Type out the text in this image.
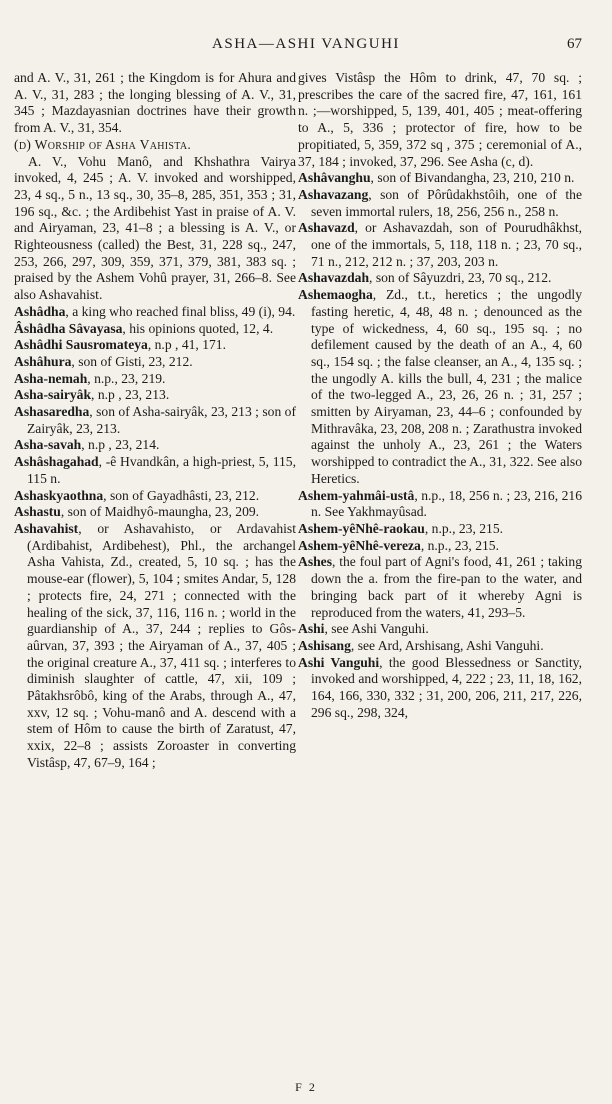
ASHA—ASHI VANGUHI	67

and A. V., 31, 261 ; the Kingdom is for Ahura and A. V., 31, 283 ; the longing blessing of A. V., 31, 345 ; Mazdayasnian doctrines have their growth from A. V., 31, 354.

(d) Worship of Asha Vahista.

A. V., Vohu Manô, and Khshathra Vairya invoked, 4, 245 ; A. V. invoked and worshipped, 23, 4 sq., 5 n., 13 sq., 30, 35–8, 285, 351, 353 ; 31, 196 sq., &c. ; the Ardibehist Yast in praise of A. V. and Airyaman, 23, 41–8 ; a blessing is A. V., or Righteousness (called) the Best, 31, 228 sq., 247, 253, 266, 297, 309, 359, 371, 379, 381, 383 sq. ; praised by the Ashem Vohû prayer, 31, 266–8. See also Ashavahist.

Ashâdha, a king who reached final bliss, 49 (i), 94.

Âshâdha Sâvayasa, his opinions quoted, 12, 4.

Ashâdhi Sausromateya, n.p , 41, 171.

Ashâhura, son of Gisti, 23, 212.

Asha-nemah, n.p., 23, 219.

Asha-sairyâk, n.p , 23, 213.

Ashasaredha, son of Asha-sairyâk, 23, 213 ; son of Zairyâk, 23, 213.

Asha-savah, n.p , 23, 214.

Ashâshagahad, -ê Hvandkân, a high-priest, 5, 115, 115 n.

Ashaskyaothna, son of Gayadhâsti, 23, 212.

Ashastu, son of Maidhyô-maungha, 23, 209.

Ashavahist, or Ashavahisto, or Ardavahist (Ardibahist, Ardibehest), Phl., the archangel Asha Vahista, Zd., created, 5, 10 sq. ; has the mouse-ear (flower), 5, 104 ; smites Andar, 5, 128 ; protects fire, 24, 271 ; connected with the healing of the sick, 37, 116, 116 n. ; world in the guardianship of A., 37, 244 ; replies to Gôs-aûrvan, 37, 393 ; the Airyaman of A., 37, 405 ; the original creature A., 37, 411 sq. ; interferes to diminish slaughter of cattle, 47, xii, 109 ; Pâtakhsrôbô, king of the Arabs, through A., 47, xxv, 12 sq. ; Vohu-manô and A. descend with a stem of Hôm to cause the birth of Zaratust, 47, xxix, 22–8 ; assists Zoroaster in converting Vistâsp, 47, 67–9, 164 ;

gives Vistâsp the Hôm to drink, 47, 70 sq. ; prescribes the care of the sacred fire, 47, 161, 161 n. ;—worshipped, 5, 139, 401, 405 ; meat-offering to A., 5, 336 ; protector of fire, how to be propitiated, 5, 359, 372 sq , 375 ; ceremonial of A., 37, 184 ; invoked, 37, 296. See Asha (c, d).

Ashâvanghu, son of Bivandangha, 23, 210, 210 n.

Ashavazang, son of Pôrûdakhstôih, one of the seven immortal rulers, 18, 256, 256 n., 258 n.

Ashavazd, or Ashavazdah, son of Pourudhâkhst, one of the immortals, 5, 118, 118 n. ; 23, 70 sq., 71 n., 212, 212 n. ; 37, 203, 203 n.

Ashavazdah, son of Sâyuzdri, 23, 70 sq., 212.

Ashemaogha, Zd., t.t., heretics ; the ungodly fasting heretic, 4, 48, 48 n. ; denounced as the type of wickedness, 4, 60 sq., 195 sq. ; no defilement caused by the death of an A., 4, 60 sq., 154 sq. ; the false cleanser, an A., 4, 135 sq. ; the ungodly A. kills the bull, 4, 231 ; the malice of the two-legged A., 23, 26, 26 n. ; 31, 257 ; smitten by Airyaman, 23, 44–6 ; confounded by Mithravâka, 23, 208, 208 n. ; Zarathustra invoked against the unholy A., 23, 261 ; the Waters worshipped to contradict the A., 31, 322. See also Heretics.

Ashem-yahmâi-ustâ, n.p., 18, 256 n. ; 23, 216, 216 n. See Yakhmayûsad.

Ashem-yêNhê-raokau, n.p., 23, 215.

Ashem-yêNhê-vereza, n.p., 23, 215.

Ashes, the foul part of Agni's food, 41, 261 ; taking down the a. from the fire-pan to the water, and bringing back part of it whereby Agni is reproduced from the waters, 41, 293–5.

Ashi, see Ashi Vanguhi.

Ashisang, see Ard, Arshisang, Ashi Vanguhi.

Ashi Vanguhi, the good Blessedness or Sanctity, invoked and worshipped, 4, 222 ; 23, 11, 18, 162, 164, 166, 330, 332 ; 31, 200, 206, 211, 217, 226, 296 sq., 298, 324,

F 2
